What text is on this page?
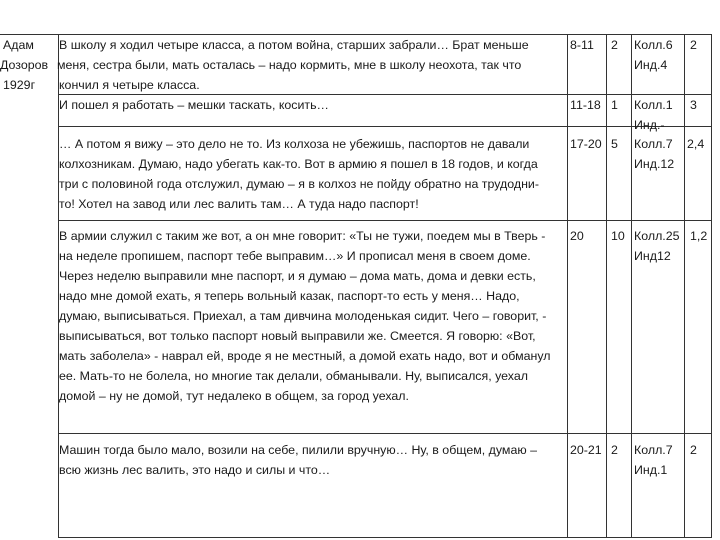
Адам
Дозоров
1929г
В школу я ходил четыре класса, а потом война, старших забрали… Брат меньше
меня, сестра были, мать осталась – надо кормить, мне в школу неохота, так что
кончил я четыре класса.
8-11 2 Колл.6
Инд.4
2
И пошел я работать – мешки таскать, косить…	11-18 1 Колл.1
Инд.-
3
… А потом я вижу – это дело не то. Из колхоза не убежишь, паспортов не давали
колхозникам. Думаю, надо убегать как-то. Вот в армию я пошел в 18 годов, и когда
три с половиной года отслужил, думаю – я в колхоз не пойду обратно на трудодни-
то! Хотел на завод или лес валить там… А туда надо паспорт!
17-20 5 Колл.7
Инд.12
2,4
В армии служил с таким же вот, а он мне говорит: «Ты не тужи, поедем мы в Тверь -
на неделе пропишем, паспорт тебе выправим…» И прописал меня в своем доме.
Через неделю выправили мне паспорт, и я думаю – дома мать, дома и девки есть,
надо мне домой ехать, я теперь вольный казак, паспорт-то есть у меня… Надо,
думаю, выписываться. Приехал, а там дивчина молоденькая сидит. Чего – говорит, -
выписываться, вот только паспорт новый выправили же. Смеется. Я говорю: «Вот,
мать заболела» - наврал ей, вроде я не местный, а домой ехать надо, вот и обманул
ее. Мать-то не болела, но многие так делали, обманывали. Ну, выписался, уехал
домой – ну не домой, тут недалеко в общем, за город уехал.
20 10 Колл.25
Инд12
1,2
Машин тогда было мало, возили на себе, пилили вручную… Ну, в общем, думаю –
всю жизнь лес валить, это надо и силы и что…
20-21 2 Колл.7
Инд.1
2
